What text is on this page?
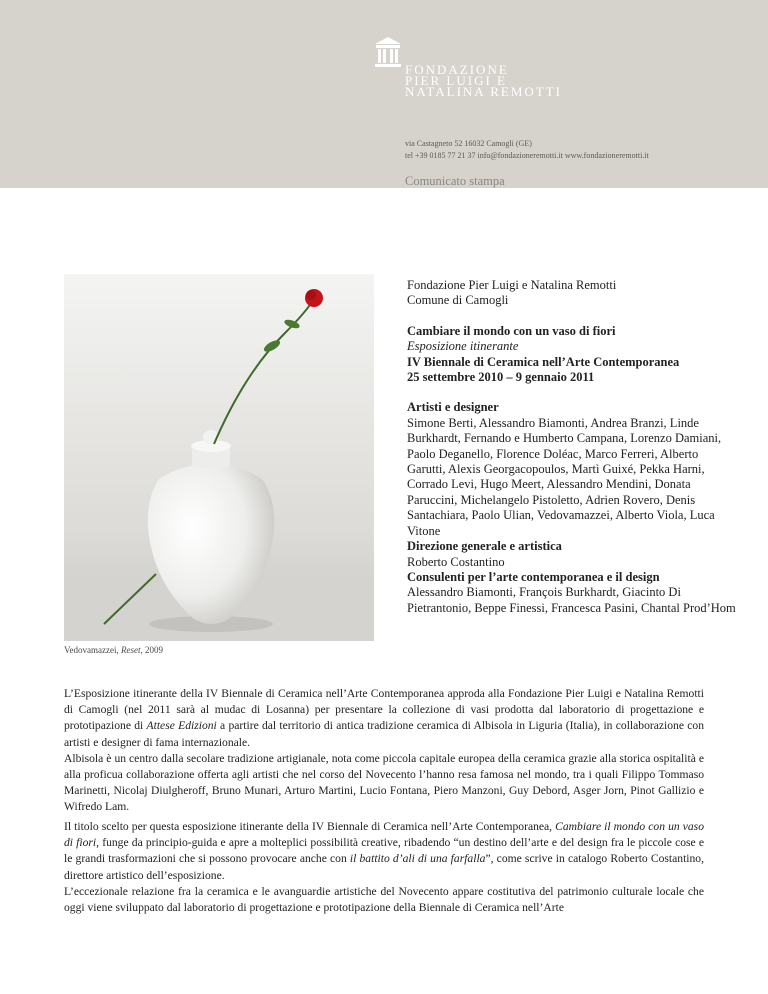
FONDAZIONE
PIER LUIGI E
NATALINA REMOTTI
via Castagneto 52 16032 Camogli (GE)
tel +39 0185 77 21 37 info@fondazioneremotti.it www.fondazioneremotti.it
Comunicato stampa
Vedovamazzei, Reset, 2009

Fondazione Pier Luigi e Natalina Remotti

Comune di Camogli

Cambiare il mondo con un vaso di fiori

Esposizione itinerante

IV Biennale di Ceramica nell’Arte Contemporanea

25 settembre 2010 – 9 gennaio 2011

Artisti e designer

Simone Berti, Alessandro Biamonti, Andrea Branzi, Linde Burkhardt, Fernando e Humberto Campana, Lorenzo Damiani, Paolo Deganello, Florence Doléac, Marco Ferreri, Alberto Garutti, Alexis Georgacopoulos, Martì Guixé, Pekka Harni, Corrado Levi, Hugo Meert, Alessandro Mendini, Donata Paruccini, Michelangelo Pistoletto, Adrien Rovero, Denis Santachiara, Paolo Ulian, Vedovamazzei, Alberto Viola, Luca Vitone

Direzione generale e artistica

Roberto Costantino

Consulenti per l’arte contemporanea e il design

Alessandro Biamonti, François Burkhardt, Giacinto Di Pietrantonio, Beppe Finessi, Francesca Pasini, Chantal Prod’Hom

L’Esposizione itinerante della IV Biennale di Ceramica nell’Arte Contemporanea approda alla Fondazione Pier Luigi e Natalina Remotti di Camogli (nel 2011 sarà al mudac di Losanna) per presentare la collezione di vasi prodotta dal laboratorio di progettazione e prototipazione di Attese Edizioni a partire dal territorio di antica tradizione ceramica di Albisola in Liguria (Italia), in collaborazione con artisti e designer di fama internazionale.

Albisola è un centro dalla secolare tradizione artigianale, nota come piccola capitale europea della ceramica grazie alla storica ospitalità e alla proficua collaborazione offerta agli artisti che nel corso del Novecento l’hanno resa famosa nel mondo, tra i quali Filippo Tommaso Marinetti, Nicolaj Diulgheroff, Bruno Munari, Arturo Martini, Lucio Fontana, Piero Manzoni, Guy Debord, Asger Jorn, Pinot Gallizio e Wifredo Lam.

Il titolo scelto per questa esposizione itinerante della IV Biennale di Ceramica nell’Arte Contemporanea, Cambiare il mondo con un vaso di fiori, funge da principio-guida e apre a molteplici possibilità creative, ribadendo “un destino dell’arte e del design fra le piccole cose e le grandi trasformazioni che si possono provocare anche con il battito d’ali di una farfalla”, come scrive in catalogo Roberto Costantino, direttore artistico dell’esposizione.

L’eccezionale relazione fra la ceramica e le avanguardie artistiche del Novecento appare costitutiva del patrimonio culturale locale che oggi viene sviluppato dal laboratorio di progettazione e prototipazione della Biennale di Ceramica nell’Arte
